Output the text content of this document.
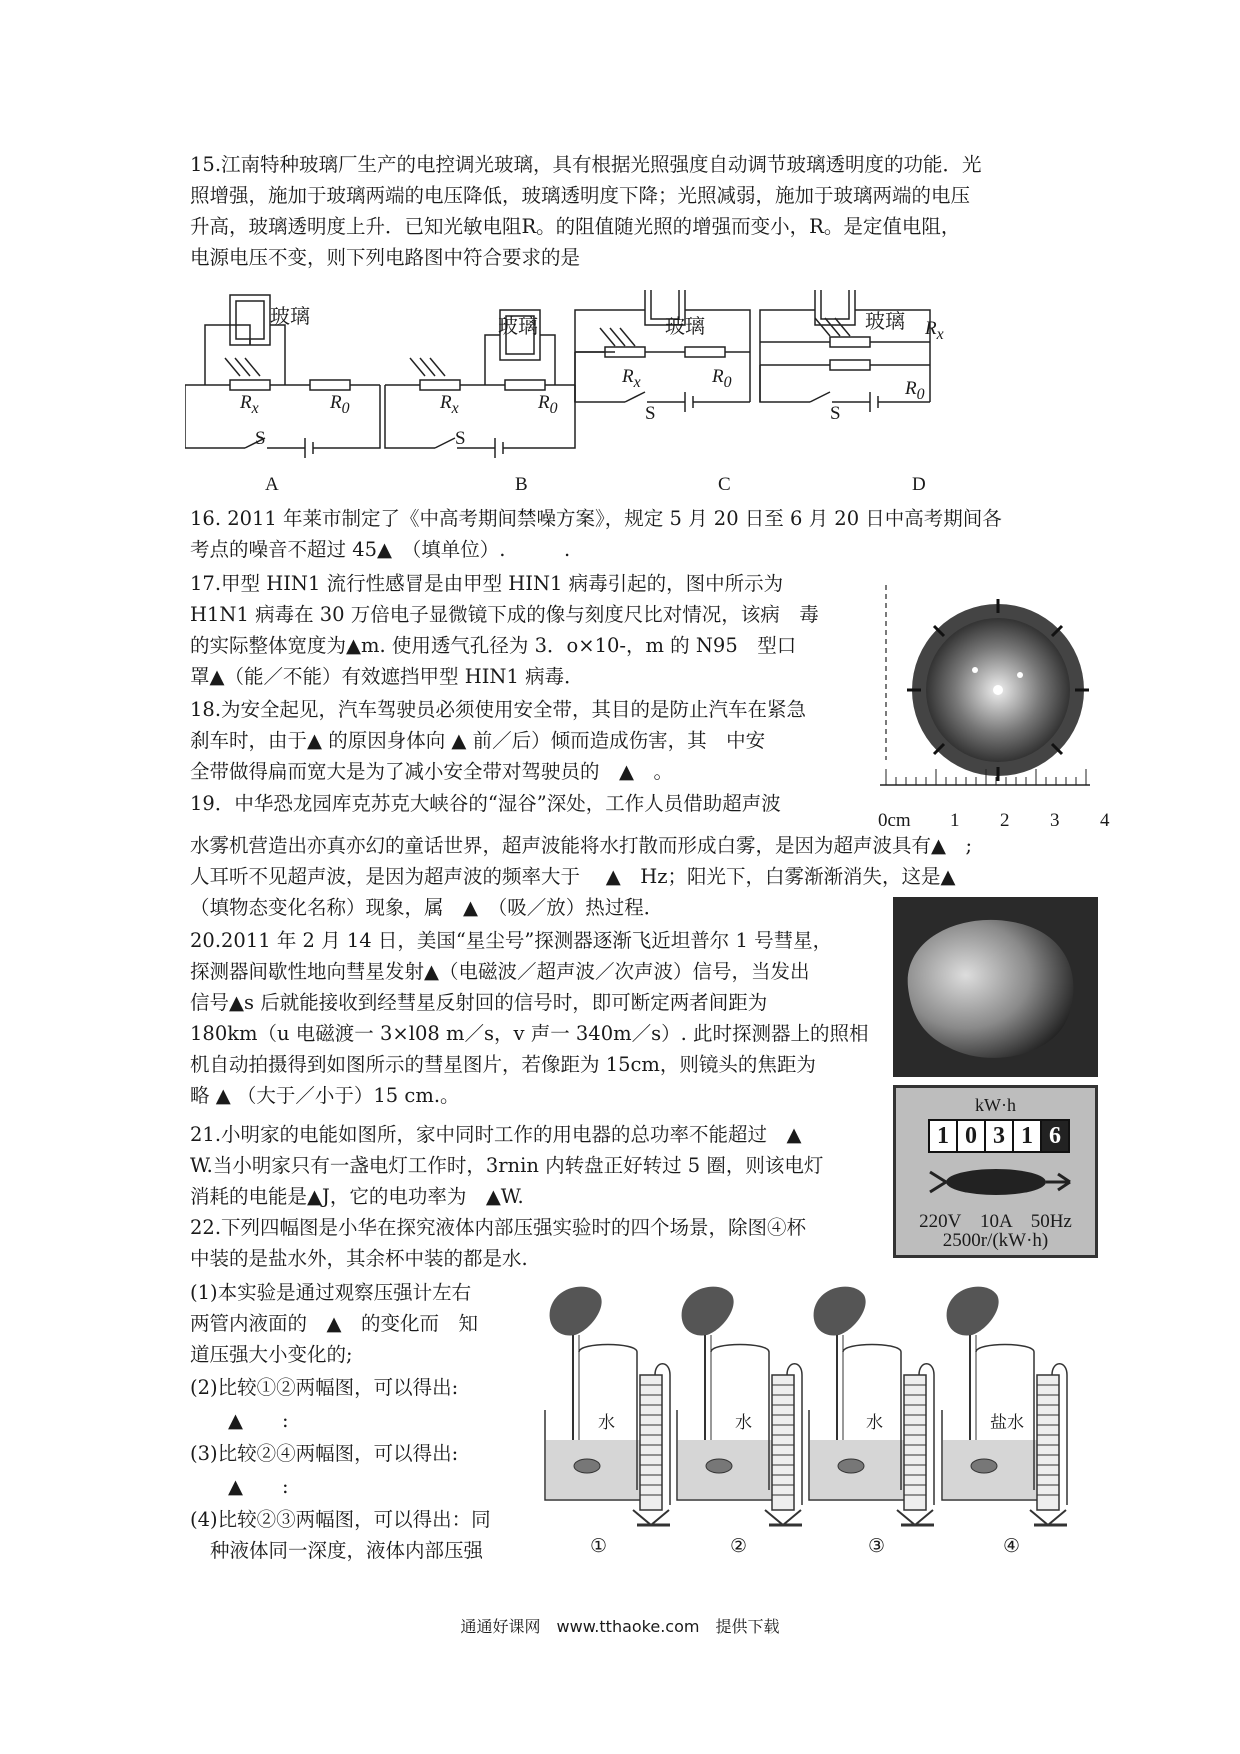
15.江南特种玻璃厂生产的电控调光玻璃，具有根据光照强度自动调节玻璃透明度的功能．光
照增强，施加于玻璃两端的电压降低，玻璃透明度下降；光照减弱，施加于玻璃两端的电压
升高，玻璃透明度上升．已知光敏电阻R。的阻值随光照的增强而变小，R。是定值电阻，
电源电压不变，则下列电路图中符合要求的是
玻璃	玻璃	玻璃	玻璃
$R_x$	$R_0$	$R_x$	$R_0$
$R_x$	$R_0$
$R_x$
$R_0$
S	S
S	S
A	B	C	D
16. 2011 年莱市制定了《中高考期间禁噪方案》，规定 5 月 20 日至 6 月 20 日中高考期间各
考点的噪音不超过 45▲　（填单位）.　　　.
17.甲型 HIN1 流行性感冒是由甲型 HIN1 病毒引起的，图中所示为
H1N1 病毒在 30 万倍电子显微镜下成的像与刻度尺比对情况，该病　毒
的实际整体宽度为▲m. 使用透气孔径为 3．o×10-，m 的 N95　型口
罩▲（能／不能）有效遮挡甲型 HIN1 病毒．
0cm 1 2 3 4
18.为安全起见，汽车驾驶员必须使用安全带，其目的是防止汽车在紧急
刹车时，由于▲ 的原因身体向 ▲ 前／后）倾而造成伤害，其　中安
全带做得扁而宽大是为了减小安全带对驾驶员的　▲　。
19．中华恐龙园库克苏克大峡谷的“湿谷”深处，工作人员借助超声波
水雾机营造出亦真亦幻的童话世界，超声波能将水打散而形成白雾，是因为超声波具有▲　;
人耳听不见超声波，是因为超声波的频率大于　 ▲　Hz；阳光下，白雾渐渐消失，这是▲
（填物态变化名称）现象，属　▲　（吸／放）热过程．
20.2011 年 2 月 14 日，美国“星尘号”探测器逐渐飞近坦普尔 1 号彗星，
探测器间歇性地向彗星发射▲（电磁波／超声波／次声波）信号，当发出
信号▲s 后就能接收到经彗星反射回的信号时，即可断定两者间距为
180km（u 电磁渡一 3×l08 m／s，v 声一 340m／s）. 此时探测器上的照相
机自动拍摄得到如图所示的彗星图片，若像距为 15cm，则镜头的焦距为
略 ▲ （大于／小于）15 cm.。
21.小明家的电能如图所，家中同时工作的用电器的总功率不能超过　▲
W.当小明家只有一盏电灯工作时，3rnin 内转盘正好转过 5 圈，则该电灯
消耗的电能是▲J，它的电功率为　▲W.
kW·h
1 0 3 1 6
220V　10A　50Hz
2500r/(kW·h)
22.下列四幅图是小华在探究液体内部压强实验时的四个场景，除图④杯
中装的是盐水外，其余杯中装的都是水.
(1)本实验是通过观察压强计左右
两管内液面的　▲　的变化而　知
道压强大小变化的;
(2)比较①②两幅图，可以得出:
▲　　:
(3)比较②④两幅图，可以得出:
▲　　:
(4)比较②③两幅图，可以得出：同
种液体同一深度，液体内部压强
水	水	水	盐水
①	②	③	④
通通好课网　www.tthaoke.com　提供下载
